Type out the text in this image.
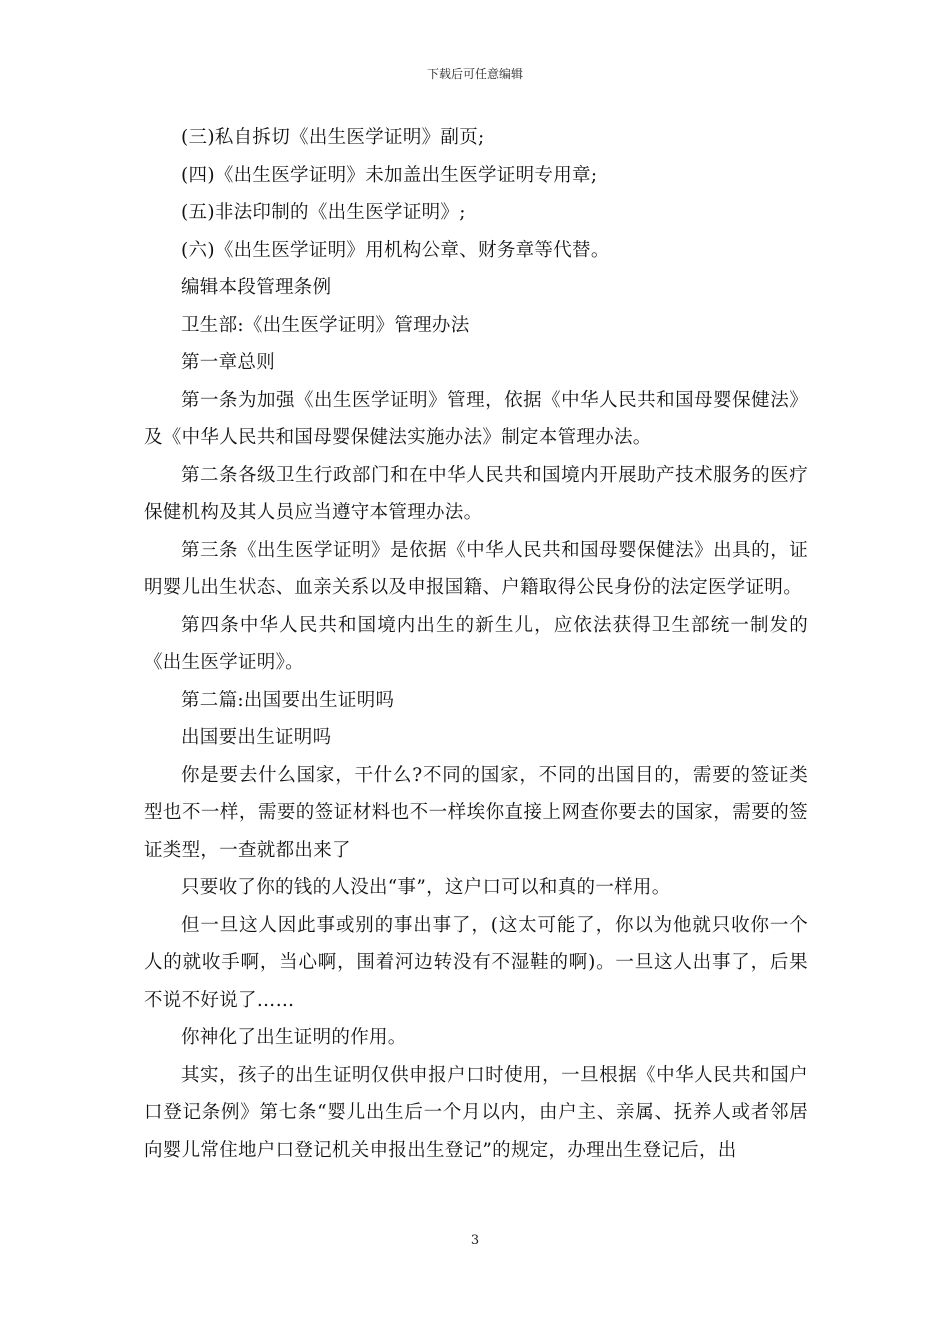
下载后可任意编辑

(三)私自拆切《出生医学证明》副页;

(四)《出生医学证明》未加盖出生医学证明专用章;

(五)非法印制的《出生医学证明》;

(六)《出生医学证明》用机构公章、财务章等代替。

编辑本段管理条例

卫生部:《出生医学证明》管理办法

第一章总则

第一条为加强《出生医学证明》管理，依据《中华人民共和国母婴保健法》及《中华人民共和国母婴保健法实施办法》制定本管理办法。

第二条各级卫生行政部门和在中华人民共和国境内开展助产技术服务的医疗保健机构及其人员应当遵守本管理办法。

第三条《出生医学证明》是依据《中华人民共和国母婴保健法》出具的，证明婴儿出生状态、血亲关系以及申报国籍、户籍取得公民身份的法定医学证明。

第四条中华人民共和国境内出生的新生儿，应依法获得卫生部统一制发的《出生医学证明》。

第二篇:出国要出生证明吗

出国要出生证明吗

你是要去什么国家，干什么?不同的国家，不同的出国目的，需要的签证类型也不一样，需要的签证材料也不一样埃你直接上网查你要去的国家，需要的签证类型，一查就都出来了

只要收了你的钱的人没出“事”，这户口可以和真的一样用。

但一旦这人因此事或别的事出事了，(这太可能了，你以为他就只收你一个人的就收手啊，当心啊，围着河边转没有不湿鞋的啊)。一旦这人出事了，后果不说不好说了……

你神化了出生证明的作用。

其实，孩子的出生证明仅供申报户口时使用，一旦根据《中华人民共和国户口登记条例》第七条“婴儿出生后一个月以内，由户主、亲属、抚养人或者邻居向婴儿常住地户口登记机关申报出生登记”的规定，办理出生登记后，出

3
